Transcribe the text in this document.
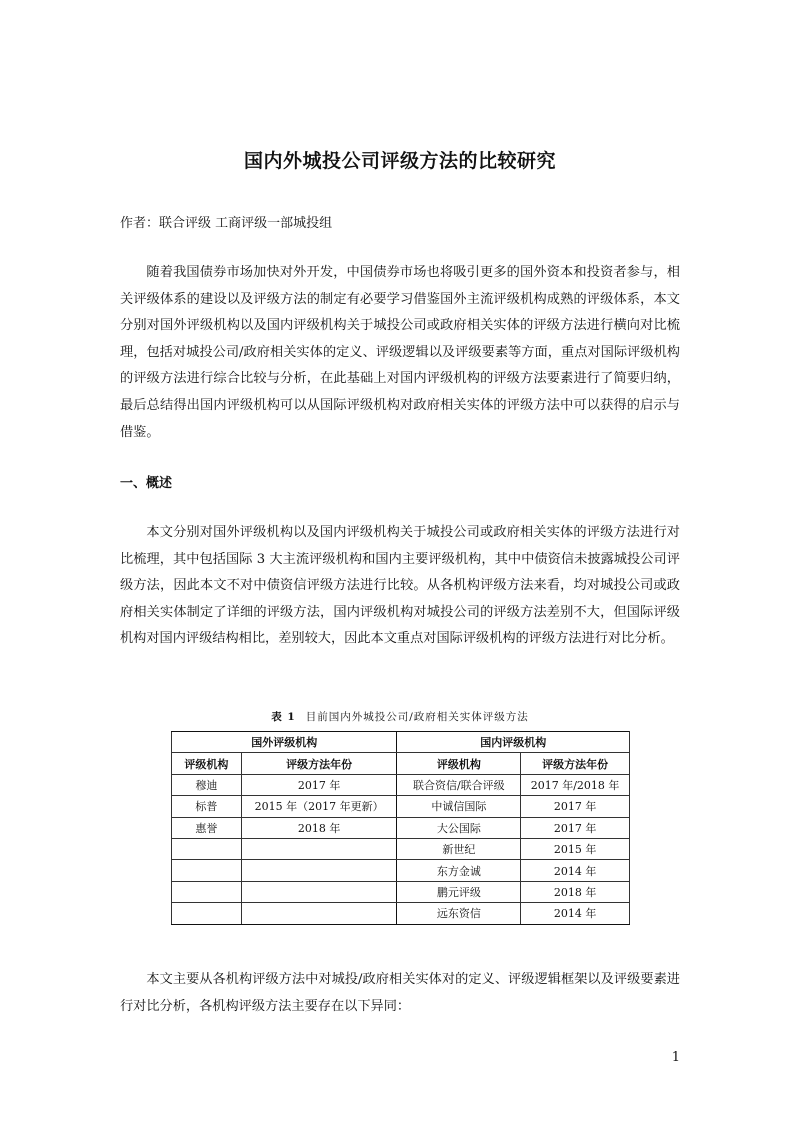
国内外城投公司评级方法的比较研究
作者：联合评级 工商评级一部城投组

随着我国债券市场加快对外开发，中国债券市场也将吸引更多的国外资本和投资者参与，相关评级体系的建设以及评级方法的制定有必要学习借鉴国外主流评级机构成熟的评级体系，本文分别对国外评级机构以及国内评级机构关于城投公司或政府相关实体的评级方法进行横向对比梳理，包括对城投公司/政府相关实体的定义、评级逻辑以及评级要素等方面，重点对国际评级机构的评级方法进行综合比较与分析，在此基础上对国内评级机构的评级方法要素进行了简要归纳，最后总结得出国内评级机构可以从国际评级机构对政府相关实体的评级方法中可以获得的启示与借鉴。

一、概述

本文分别对国外评级机构以及国内评级机构关于城投公司或政府相关实体的评级方法进行对比梳理，其中包括国际 3 大主流评级机构和国内主要评级机构，其中中债资信未披露城投公司评级方法，因此本文不对中债资信评级方法进行比较。从各机构评级方法来看，均对城投公司或政府相关实体制定了详细的评级方法，国内评级机构对城投公司的评级方法差别不大，但国际评级机构对国内评级结构相比，差别较大，因此本文重点对国际评级机构的评级方法进行对比分析。

表 1 目前国内外城投公司/政府相关实体评级方法
国外评级机构		国内评级机构	
评级机构	评级方法年份	评级机构	评级方法年份
穆迪	2017 年	联合资信/联合评级	2017 年/2018 年
标普	2015 年（2017 年更新）	中诚信国际	2017 年
惠誉	2018 年	大公国际	2017 年
		新世纪	2015 年
		东方金诚	2014 年
		鹏元评级	2018 年
		远东资信	2014 年

本文主要从各机构评级方法中对城投/政府相关实体对的定义、评级逻辑框架以及评级要素进行对比分析，各机构评级方法主要存在以下异同：

1
